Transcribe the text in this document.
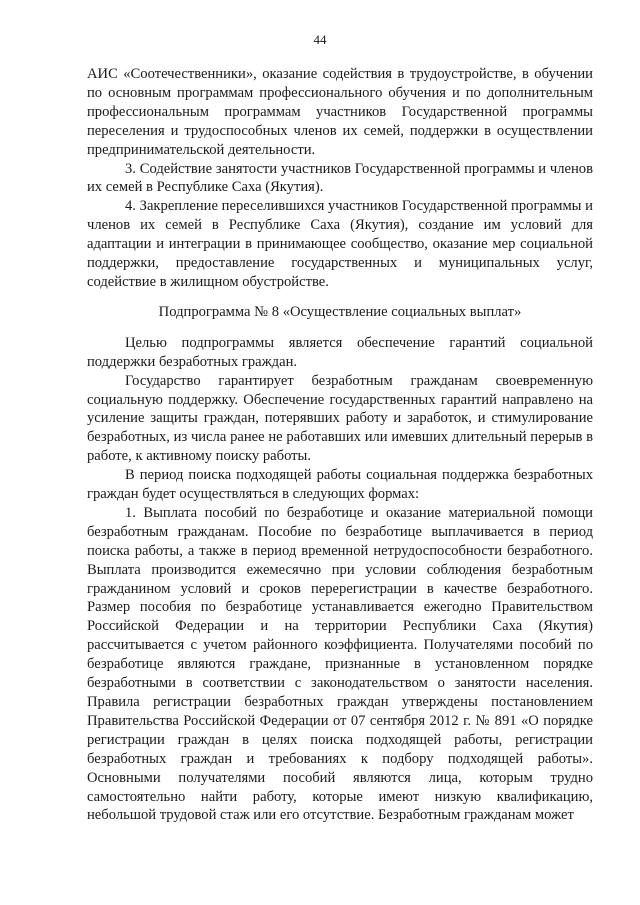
44

АИС «Соотечественники», оказание содействия в трудоустройстве, в обучении по основным программам профессионального обучения и по дополнительным профессиональным программам участников Государственной программы переселения и трудоспособных членов их семей, поддержки в осуществлении предпринимательской деятельности.

3. Содействие занятости участников Государственной программы и членов их семей в Республике Саха (Якутия).

4. Закрепление переселившихся участников Государственной программы и членов их семей в Республике Саха (Якутия), создание им условий для адаптации и интеграции в принимающее сообщество, оказание мер социальной поддержки, предоставление государственных и муниципальных услуг, содействие в жилищном обустройстве.

Подпрограмма № 8 «Осуществление социальных выплат»

Целью подпрограммы является обеспечение гарантий социальной поддержки безработных граждан.

Государство гарантирует безработным гражданам своевременную социальную поддержку. Обеспечение государственных гарантий направлено на усиление защиты граждан, потерявших работу и заработок, и стимулирование безработных, из числа ранее не работавших или имевших длительный перерыв в работе, к активному поиску работы.

В период поиска подходящей работы социальная поддержка безработных граждан будет осуществляться в следующих формах:

1. Выплата пособий по безработице и оказание материальной помощи безработным гражданам. Пособие по безработице выплачивается в период поиска работы, а также в период временной нетрудоспособности безработного. Выплата производится ежемесячно при условии соблюдения безработным гражданином условий и сроков перерегистрации в качестве безработного. Размер пособия по безработице устанавливается ежегодно Правительством Российской Федерации и на территории Республики Саха (Якутия) рассчитывается с учетом районного коэффициента. Получателями пособий по безработице являются граждане, признанные в установленном порядке безработными в соответствии с законодательством о занятости населения. Правила регистрации безработных граждан утверждены постановлением Правительства Российской Федерации от 07 сентября 2012 г. № 891 «О порядке регистрации граждан в целях поиска подходящей работы, регистрации безработных граждан и требованиях к подбору подходящей работы». Основными получателями пособий являются лица, которым трудно самостоятельно найти работу, которые имеют низкую квалификацию, небольшой трудовой стаж или его отсутствие. Безработным гражданам может
